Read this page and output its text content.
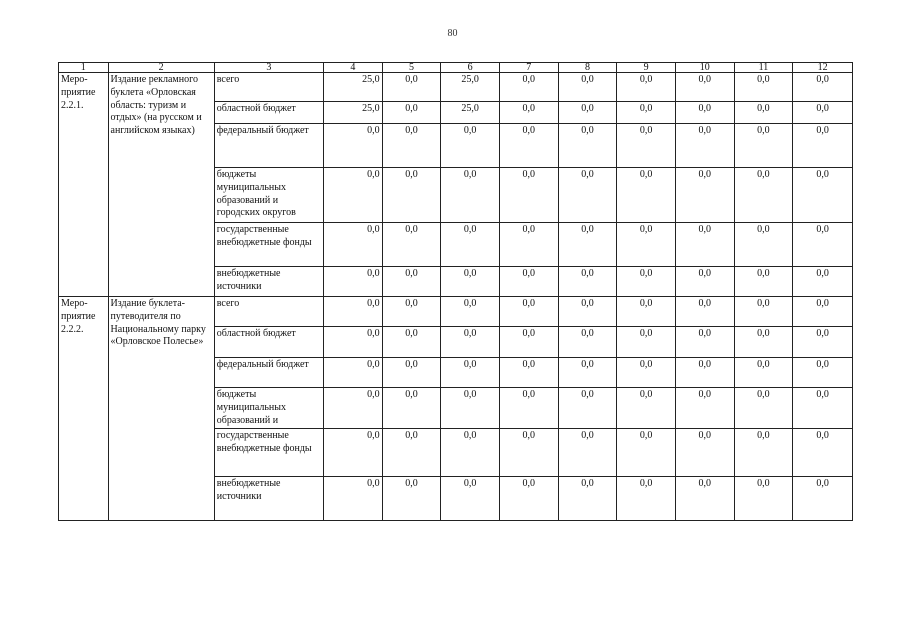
80
1	2	3	4	5	6	7	8	9	10	11	12
Меро-
приятие
2.2.1.	Издание рекламного буклета «Орловская область: туризм и отдых» (на русском и английском языках)	всего	25,0	0,0	25,0	0,0	0,0	0,0	0,0	0,0	0,0
		областной бюджет	25,0	0,0	25,0	0,0	0,0	0,0	0,0	0,0	0,0
		федеральный бюджет	0,0	0,0	0,0	0,0	0,0	0,0	0,0	0,0	0,0
		бюджеты муниципальных образований и городских округов	0,0	0,0	0,0	0,0	0,0	0,0	0,0	0,0	0,0
		государственные внебюджетные фонды	0,0	0,0	0,0	0,0	0,0	0,0	0,0	0,0	0,0
		внебюджетные источники	0,0	0,0	0,0	0,0	0,0	0,0	0,0	0,0	0,0
Меро-
приятие
2.2.2.	Издание буклета-путеводителя по Национальному парку «Орловское Полесье»	всего	0,0	0,0	0,0	0,0	0,0	0,0	0,0	0,0	0,0
		областной бюджет	0,0	0,0	0,0	0,0	0,0	0,0	0,0	0,0	0,0
		федеральный бюджет	0,0	0,0	0,0	0,0	0,0	0,0	0,0	0,0	0,0
		бюджеты муниципальных образований и	0,0	0,0	0,0	0,0	0,0	0,0	0,0	0,0	0,0
		государственные внебюджетные фонды	0,0	0,0	0,0	0,0	0,0	0,0	0,0	0,0	0,0
		внебюджетные источники	0,0	0,0	0,0	0,0	0,0	0,0	0,0	0,0	0,0
